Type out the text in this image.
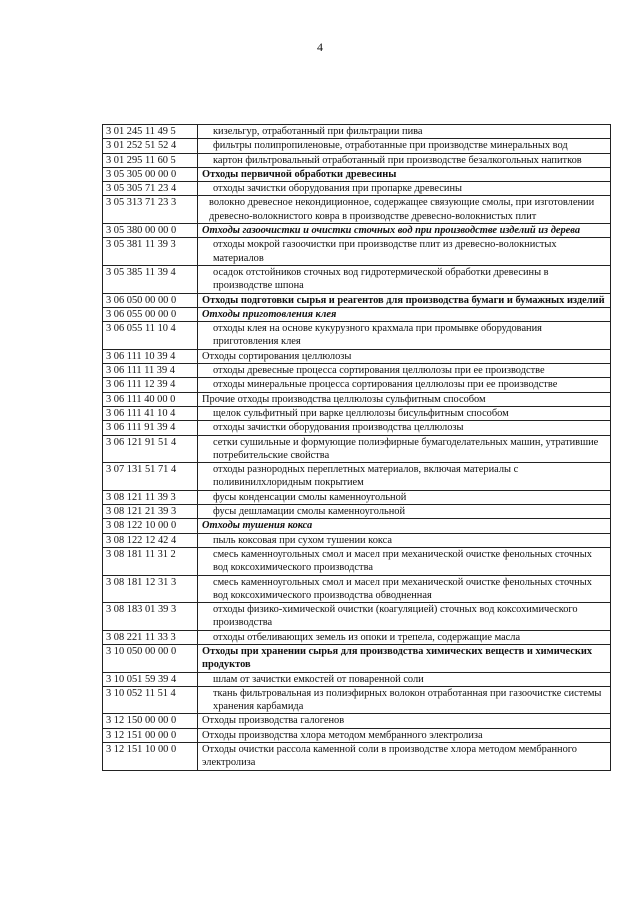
4
3 01 245 11 49 5	кизельгур, отработанный при фильтрации пива
3 01 252 51 52 4	фильтры полипропиленовые, отработанные при производстве минеральных вод
3 01 295 11 60 5	картон фильтровальный отработанный при производстве безалкогольных напитков
3 05 305 00 00 0	Отходы первичной обработки древесины
3 05 305 71 23 4	отходы зачистки оборудования при пропарке древесины
3 05 313 71 23 3	волокно древесное некондиционное, содержащее связующие смолы, при изготовлении древесно-волокнистого ковра в производстве древесно-волокнистых плит
3 05 380 00 00 0	Отходы газоочистки и очистки сточных вод при производстве изделий из дерева
3 05 381 11 39 3	отходы мокрой газоочистки при производстве плит из древесно-волокнистых материалов
3 05 385 11 39 4	осадок отстойников сточных вод гидротермической обработки древесины в производстве шпона
3 06 050 00 00 0	Отходы подготовки сырья и реагентов для производства бумаги и бумажных изделий
3 06 055 00 00 0	Отходы приготовления клея
3 06 055 11 10 4	отходы клея на основе кукурузного крахмала при промывке оборудования приготовления клея
3 06 111 10 39 4	Отходы сортирования целлюлозы
3 06 111 11 39 4	отходы древесные процесса сортирования целлюлозы при ее производстве
3 06 111 12 39 4	отходы минеральные процесса сортирования целлюлозы при ее производстве
3 06 111 40 00 0	Прочие отходы производства целлюлозы сульфитным способом
3 06 111 41 10 4	щелок сульфитный при варке целлюлозы бисульфитным способом
3 06 111 91 39 4	отходы зачистки оборудования производства целлюлозы
3 06 121 91 51 4	сетки сушильные и формующие полиэфирные бумагоделательных машин, утратившие потребительские свойства
3 07 131 51 71 4	отходы разнородных переплетных материалов, включая материалы с поливинилхлоридным покрытием
3 08 121 11 39 3	фусы конденсации смолы каменноугольной
3 08 121 21 39 3	фусы дешламации смолы каменноугольной
3 08 122 10 00 0	Отходы тушения кокса
3 08 122 12 42 4	пыль коксовая при сухом тушении кокса
3 08 181 11 31 2	смесь каменноугольных смол и масел при механической очистке фенольных сточных вод коксохимического производства
3 08 181 12 31 3	смесь каменноугольных смол и масел при механической очистке фенольных сточных вод коксохимического производства обводненная
3 08 183 01 39 3	отходы физико-химической очистки (коагуляцией) сточных вод коксохимического производства
3 08 221 11 33 3	отходы отбеливающих земель из опоки и трепела, содержащие масла
3 10 050 00 00 0	Отходы при хранении сырья для производства химических веществ и химических продуктов
3 10 051 59 39 4	шлам от зачистки емкостей от поваренной соли
3 10 052 11 51 4	ткань фильтровальная из полиэфирных волокон отработанная при газоочистке системы хранения карбамида
3 12 150 00 00 0	Отходы производства галогенов
3 12 151 00 00 0	Отходы производства хлора методом мембранного электролиза
3 12 151 10 00 0	Отходы очистки рассола каменной соли в производстве хлора методом мембранного электролиза
